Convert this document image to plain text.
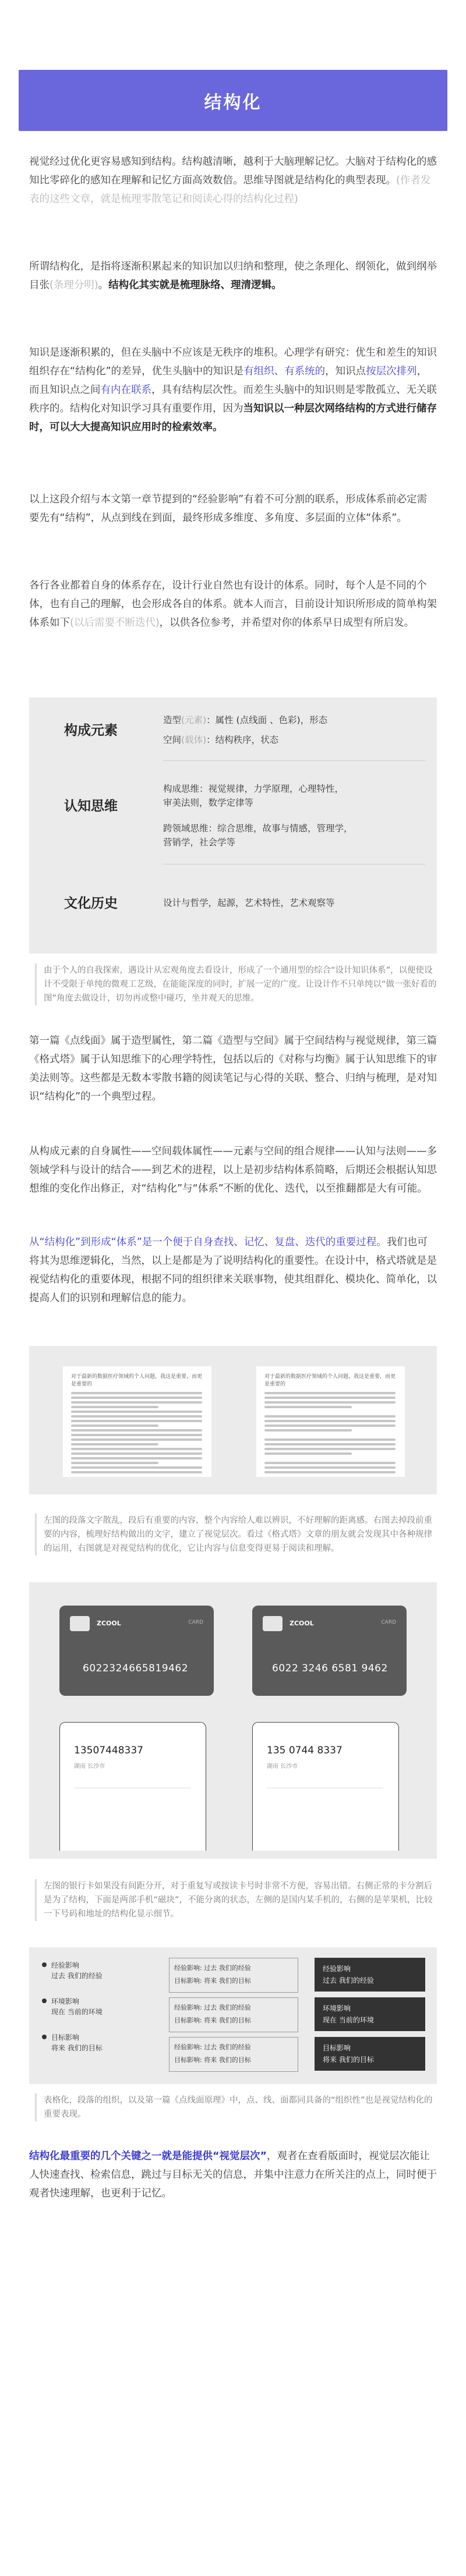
结构化

视觉经过优化更容易感知到结构。结构越清晰，越利于大脑理解记忆。大脑对于结构化的感知比零碎化的感知在理解和记忆方面高效数倍。思维导图就是结构化的典型表现。(作者发表的这些文章，就是梳理零散笔记和阅读心得的结构化过程)

所谓结构化，是指将逐渐积累起来的知识加以归纳和整理，使之条理化、纲领化，做到纲举目张(条理分明)。结构化其实就是梳理脉络、理清逻辑。

知识是逐渐积累的，但在头脑中不应该是无秩序的堆积。心理学有研究：优生和差生的知识组织存在“结构化”的差异，优生头脑中的知识是有组织、有系统的，知识点按层次排列，而且知识点之间有内在联系，具有结构层次性。而差生头脑中的知识则是零散孤立、无关联秩序的。结构化对知识学习具有重要作用，因为当知识以一种层次网络结构的方式进行储存时，可以大大提高知识应用时的检索效率。

以上这段介绍与本文第一章节提到的“经验影响”有着不可分割的联系，形成体系前必定需要先有“结构”，从点到线在到面，最终形成多维度、多角度、多层面的立体“体系”。

各行各业都着自身的体系存在，设计行业自然也有设计的体系。同时，每个人是不同的个体，也有自己的理解，也会形成各自的体系。就本人而言，目前设计知识所形成的简单构架体系如下(以后需要不断迭代)，以供各位参考，并希望对你的体系早日成型有所启发。

构成元素
造型(元素)：属性 (点线面 、色彩)，形态
空间(载体)：结构秩序，状态
认知思维
构成思维：视觉规律，力学原理，心理特性，
审美法则，数学定律等
跨领域思维：综合思维，故事与情感，管理学，
营销学，社会学等
文化历史	设计与哲学，起源，艺术特性，艺术观察等

由于个人的自我探索，遇设计从宏观角度去看设计，形成了一个通用型的综合“设计知识体系”，以便使设计不受限于单纯的微观工艺级，在能能深度的同时，扩展一定的广度。让设计作不只单纯以“做一张好看的图”角度去做设计，切勿再或整中碰巧，坐井观天的思维。

第一篇《点线面》属于造型属性，第二篇《造型与空间》属于空间结构与视觉规律，第三篇《格式塔》属于认知思维下的心理学特性，包括以后的《对称与均衡》属于认知思维下的审美法则等。这些都是无数本零散书籍的阅读笔记与心得的关联、整合、归纳与梳理，是对知识“结构化”的一个典型过程。

从构成元素的自身属性——空间载体属性——元素与空间的组合规律——认知与法则——多领域学科与设计的结合——到艺术的进程，以上是初步结构体系简略，后期还会根据认知思想维的变化作出修正，对“结构化”与“体系”不断的优化、迭代，以至推翻都是大有可能。

从“结构化”到形成“体系”是一个便于自身查找、记忆、复盘、迭代的重要过程。我们也可将其为思维逻辑化，当然，以上是都是为了说明结构化的重要性。在设计中，格式塔就是是视觉结构化的重要体现，根据不同的组织律来关联事物，使其组群化、模块化、简单化，以提高人们的识别和理解信息的能力。

对于最新的数据医疗领域的个人问题，我这是重要，而更是重要的
对于最新的数据医疗领域的个人问题，我这是重要，而更是重要的

左图的段落文字散乱，段后有重要的内容，整个内容给人难以辨识，不好理解的距离感。右图去掉段前重要的内容，梳理好结构做出的文字，建立了视觉层次。看过《格式塔》文章的朋友就会发现其中各种规律的运用，右图就是对视觉结构的优化，它让内容与信息变得更易于阅读和理解。

ZCOOL	CARD
6022324665819462
ZCOOL	CARD
6022 3246 6581 9462
13507448337
湖南 长沙市
135 0744 8337
湖南 长沙市

左图的银行卡如果没有间距分开，对于重复写或按读卡号时非常不方便，容易出错。右侧正常的卡分割后是为了结构，下面是两部手机“磁块”，不能分离的状态，左侧的是国内某手机的，右侧的是苹果机，比较一下号码和地址的结构化显示细节。

经验影响
过去 我们的经验
环境影响
现在 当前的环境
目标影响
将来 我们的目标
经验影响: 过去 我们的经验
目标影响: 将来 我们的目标
经验影响: 过去 我们的经验
目标影响: 将来 我们的目标
经验影响: 过去 我们的经验
目标影响: 将来 我们的目标
经验影响
过去 我们的经验
环境影响
现在 当前的环境
目标影响
将来 我们的目标

表格化，段落的组织，以及第一篇《点线面原理》中，点、线、面都同具备的“组织性”也是视觉结构化的重要表现。

结构化最重要的几个关键之一就是能提供“视觉层次”，观者在查看版面时，视觉层次能让人快速查找、检索信息，跳过与目标无关的信息，并集中注意力在所关注的点上，同时便于观者快速理解，也更利于记忆。
